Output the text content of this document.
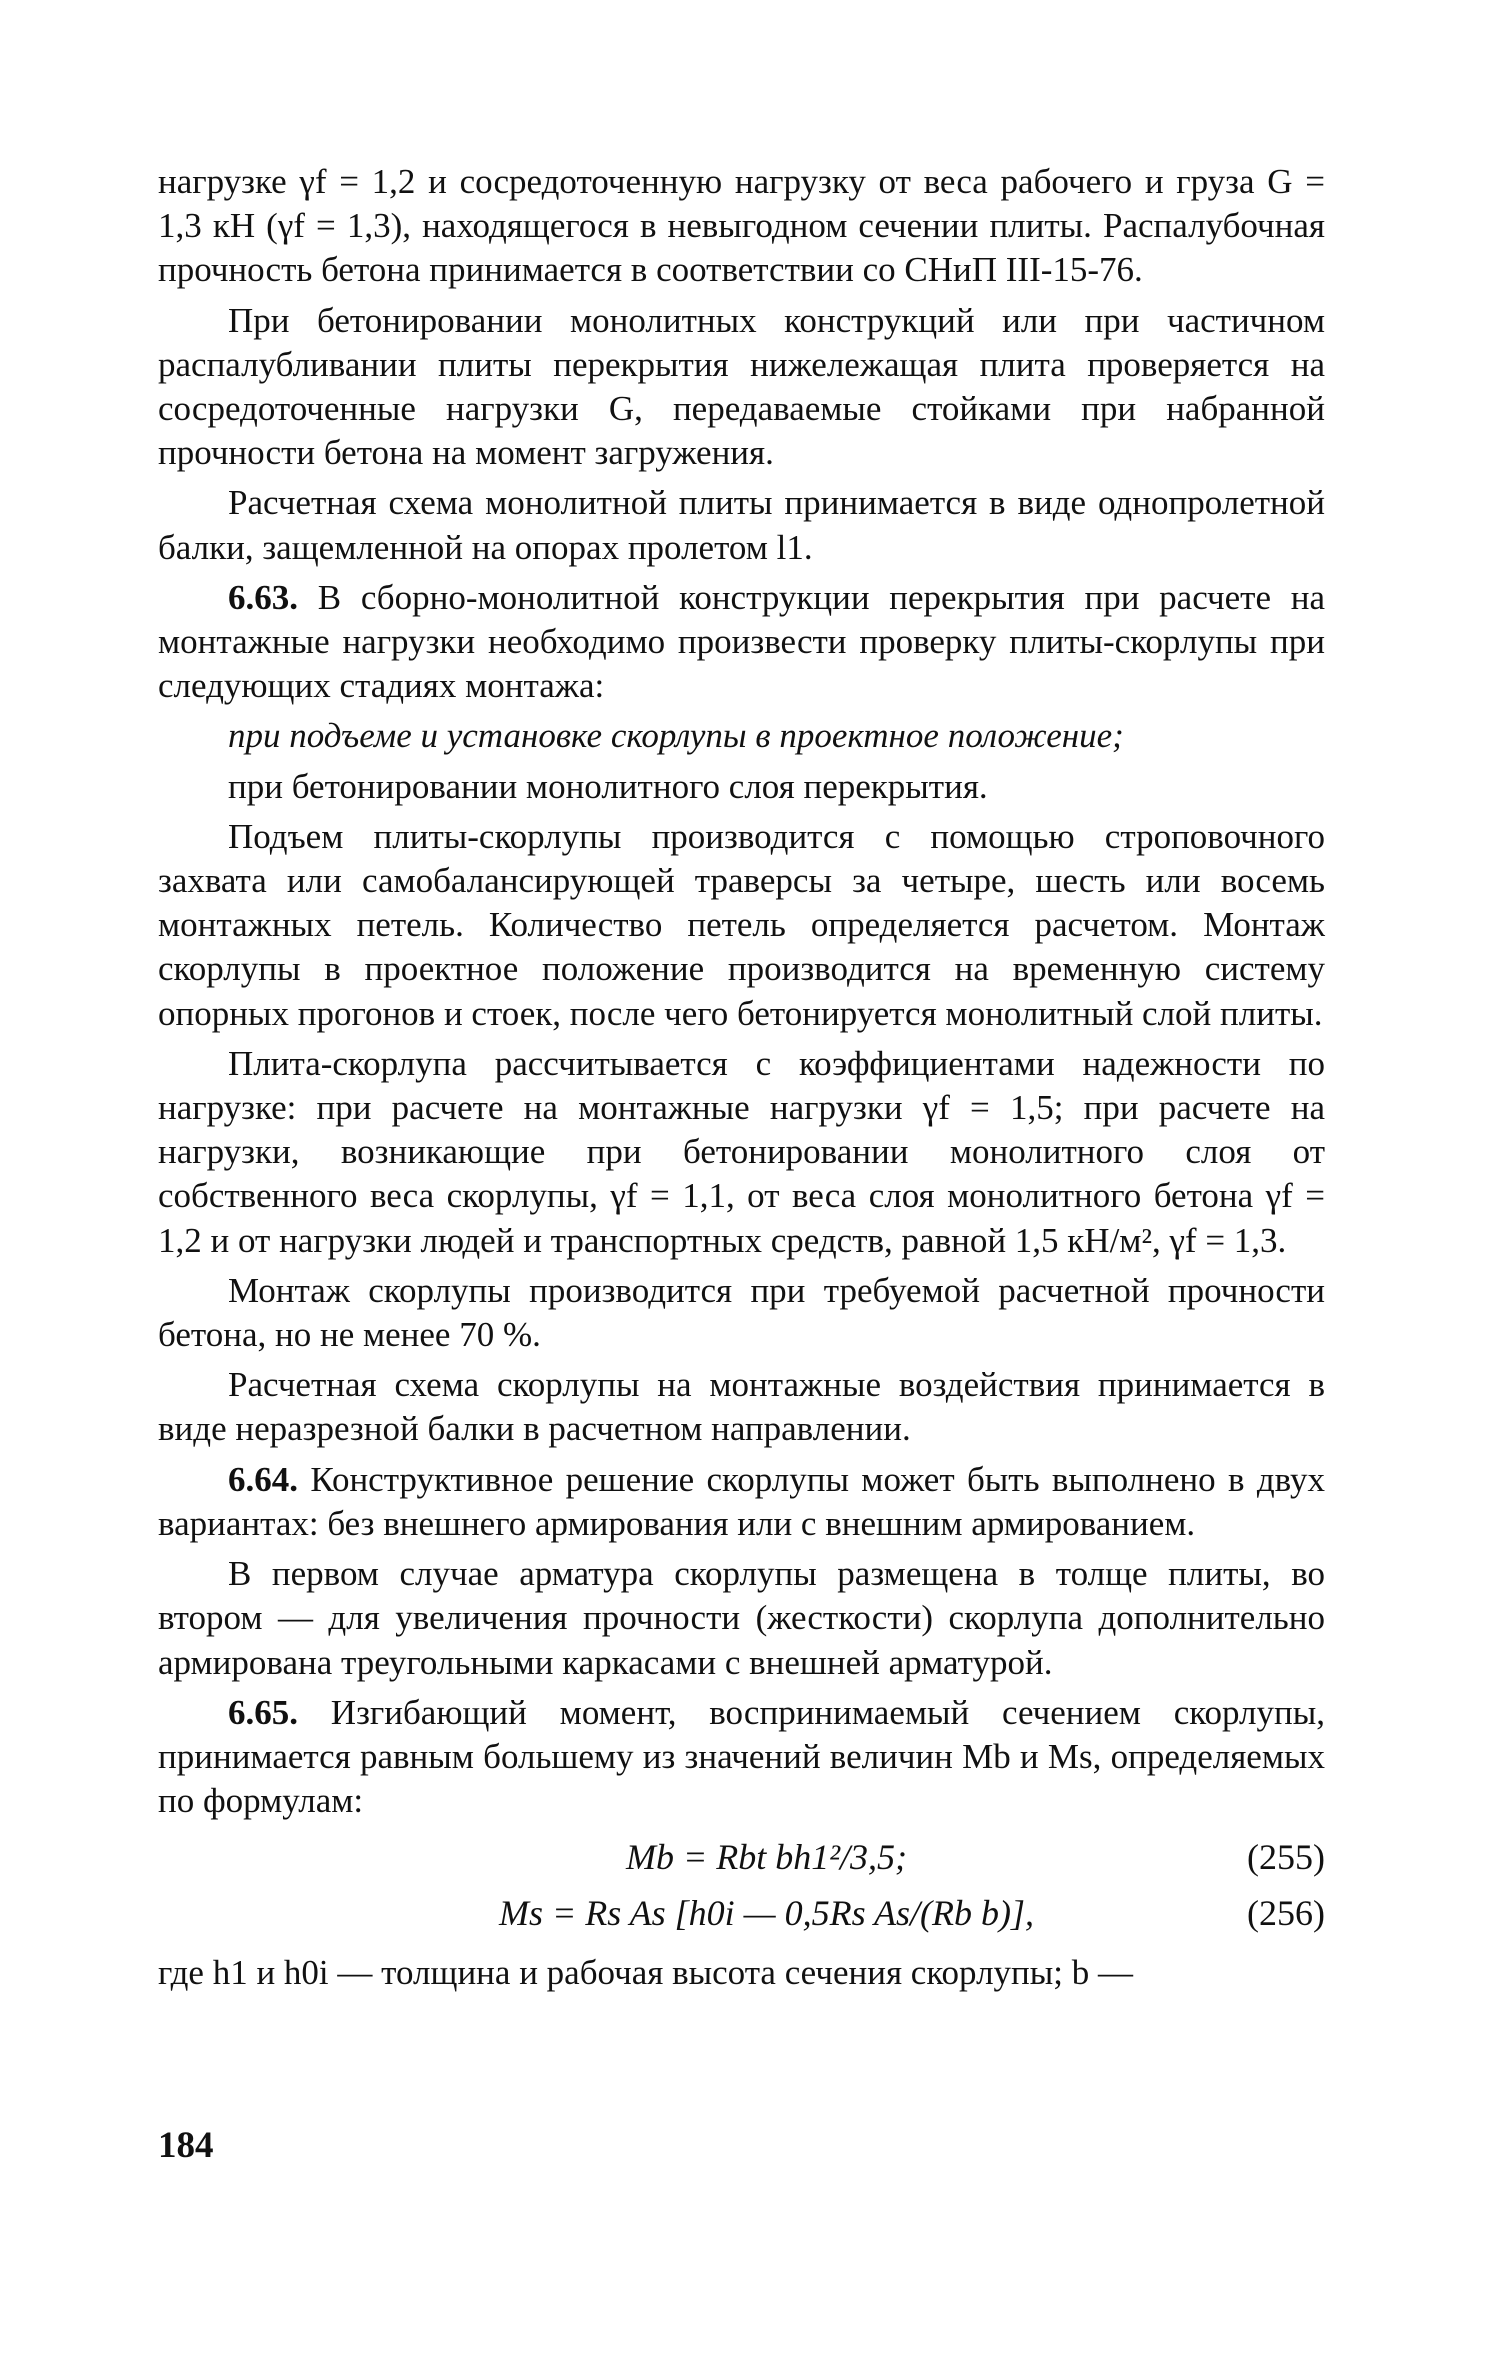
нагрузке γf = 1,2 и сосредоточенную нагрузку от веса рабочего и груза G = 1,3 кН (γf = 1,3), находящегося в невыгодном сечении плиты. Распалубочная прочность бетона принимается в соответствии со СНиП III-15-76.

При бетонировании монолитных конструкций или при частичном распалубливании плиты перекрытия нижележащая плита проверяется на сосредоточенные нагрузки G, передаваемые стойками при набранной прочности бетона на момент загружения.

Расчетная схема монолитной плиты принимается в виде однопролетной балки, защемленной на опорах пролетом l1.

6.63. В сборно-монолитной конструкции перекрытия при расчете на монтажные нагрузки необходимо произвести проверку плиты-скорлупы при следующих стадиях монтажа:

при подъеме и установке скорлупы в проектное положение;

при бетонировании монолитного слоя перекрытия.

Подъем плиты-скорлупы производится с помощью строповочного захвата или самобалансирующей траверсы за четыре, шесть или восемь монтажных петель. Количество петель определяется расчетом. Монтаж скорлупы в проектное положение производится на временную систему опорных прогонов и стоек, после чего бетонируется монолитный слой плиты.

Плита-скорлупа рассчитывается с коэффициентами надежности по нагрузке: при расчете на монтажные нагрузки γf = 1,5; при расчете на нагрузки, возникающие при бетонировании монолитного слоя от собственного веса скорлупы, γf = 1,1, от веса слоя монолитного бетона γf = 1,2 и от нагрузки людей и транспортных средств, равной 1,5 кН/м², γf = 1,3.

Монтаж скорлупы производится при требуемой расчетной прочности бетона, но не менее 70 %.

Расчетная схема скорлупы на монтажные воздействия принимается в виде неразрезной балки в расчетном направлении.

6.64. Конструктивное решение скорлупы может быть выполнено в двух вариантах: без внешнего армирования или с внешним армированием.

В первом случае арматура скорлупы размещена в толще плиты, во втором — для увеличения прочности (жесткости) скорлупа дополнительно армирована треугольными каркасами с внешней арматурой.

6.65. Изгибающий момент, воспринимаемый сечением скорлупы, принимается равным большему из значений величин Mb и Ms, определяемых по формулам:

Mb = Rbt bh1²/3,5;	(255)
Ms = Rs As [h0i — 0,5Rs As/(Rb b)],	(256)

где h1 и h0i — толщина и рабочая высота сечения скорлупы; b —

184
